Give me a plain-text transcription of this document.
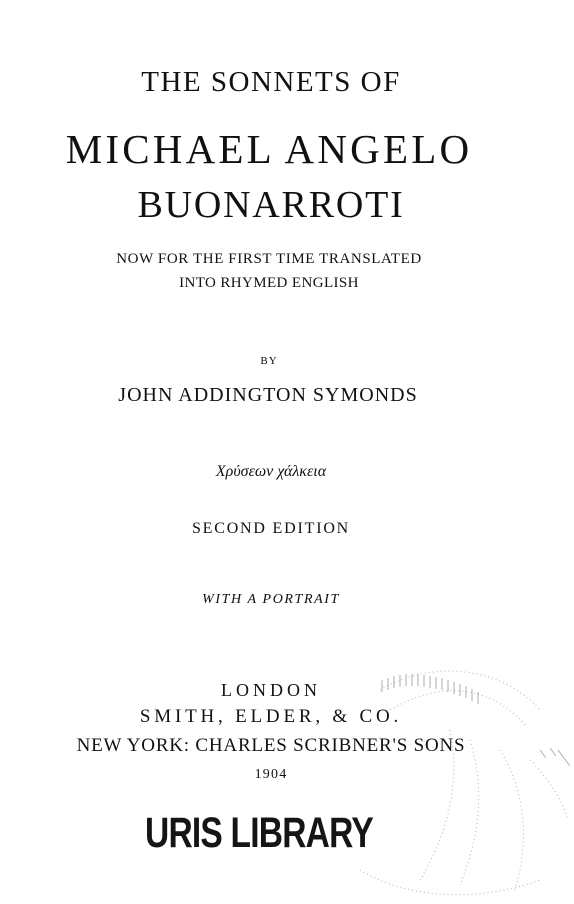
THE SONNETS OF
MICHAEL ANGELO
BUONARROTI
NOW FOR THE FIRST TIME TRANSLATED
INTO RHYMED ENGLISH
BY
JOHN ADDINGTON SYMONDS
Χρύσεων χάλκεια
SECOND EDITION
WITH A PORTRAIT
LONDON
SMITH, ELDER, & CO.
NEW YORK: CHARLES SCRIBNER'S SONS
1904
URIS LIBRARY
